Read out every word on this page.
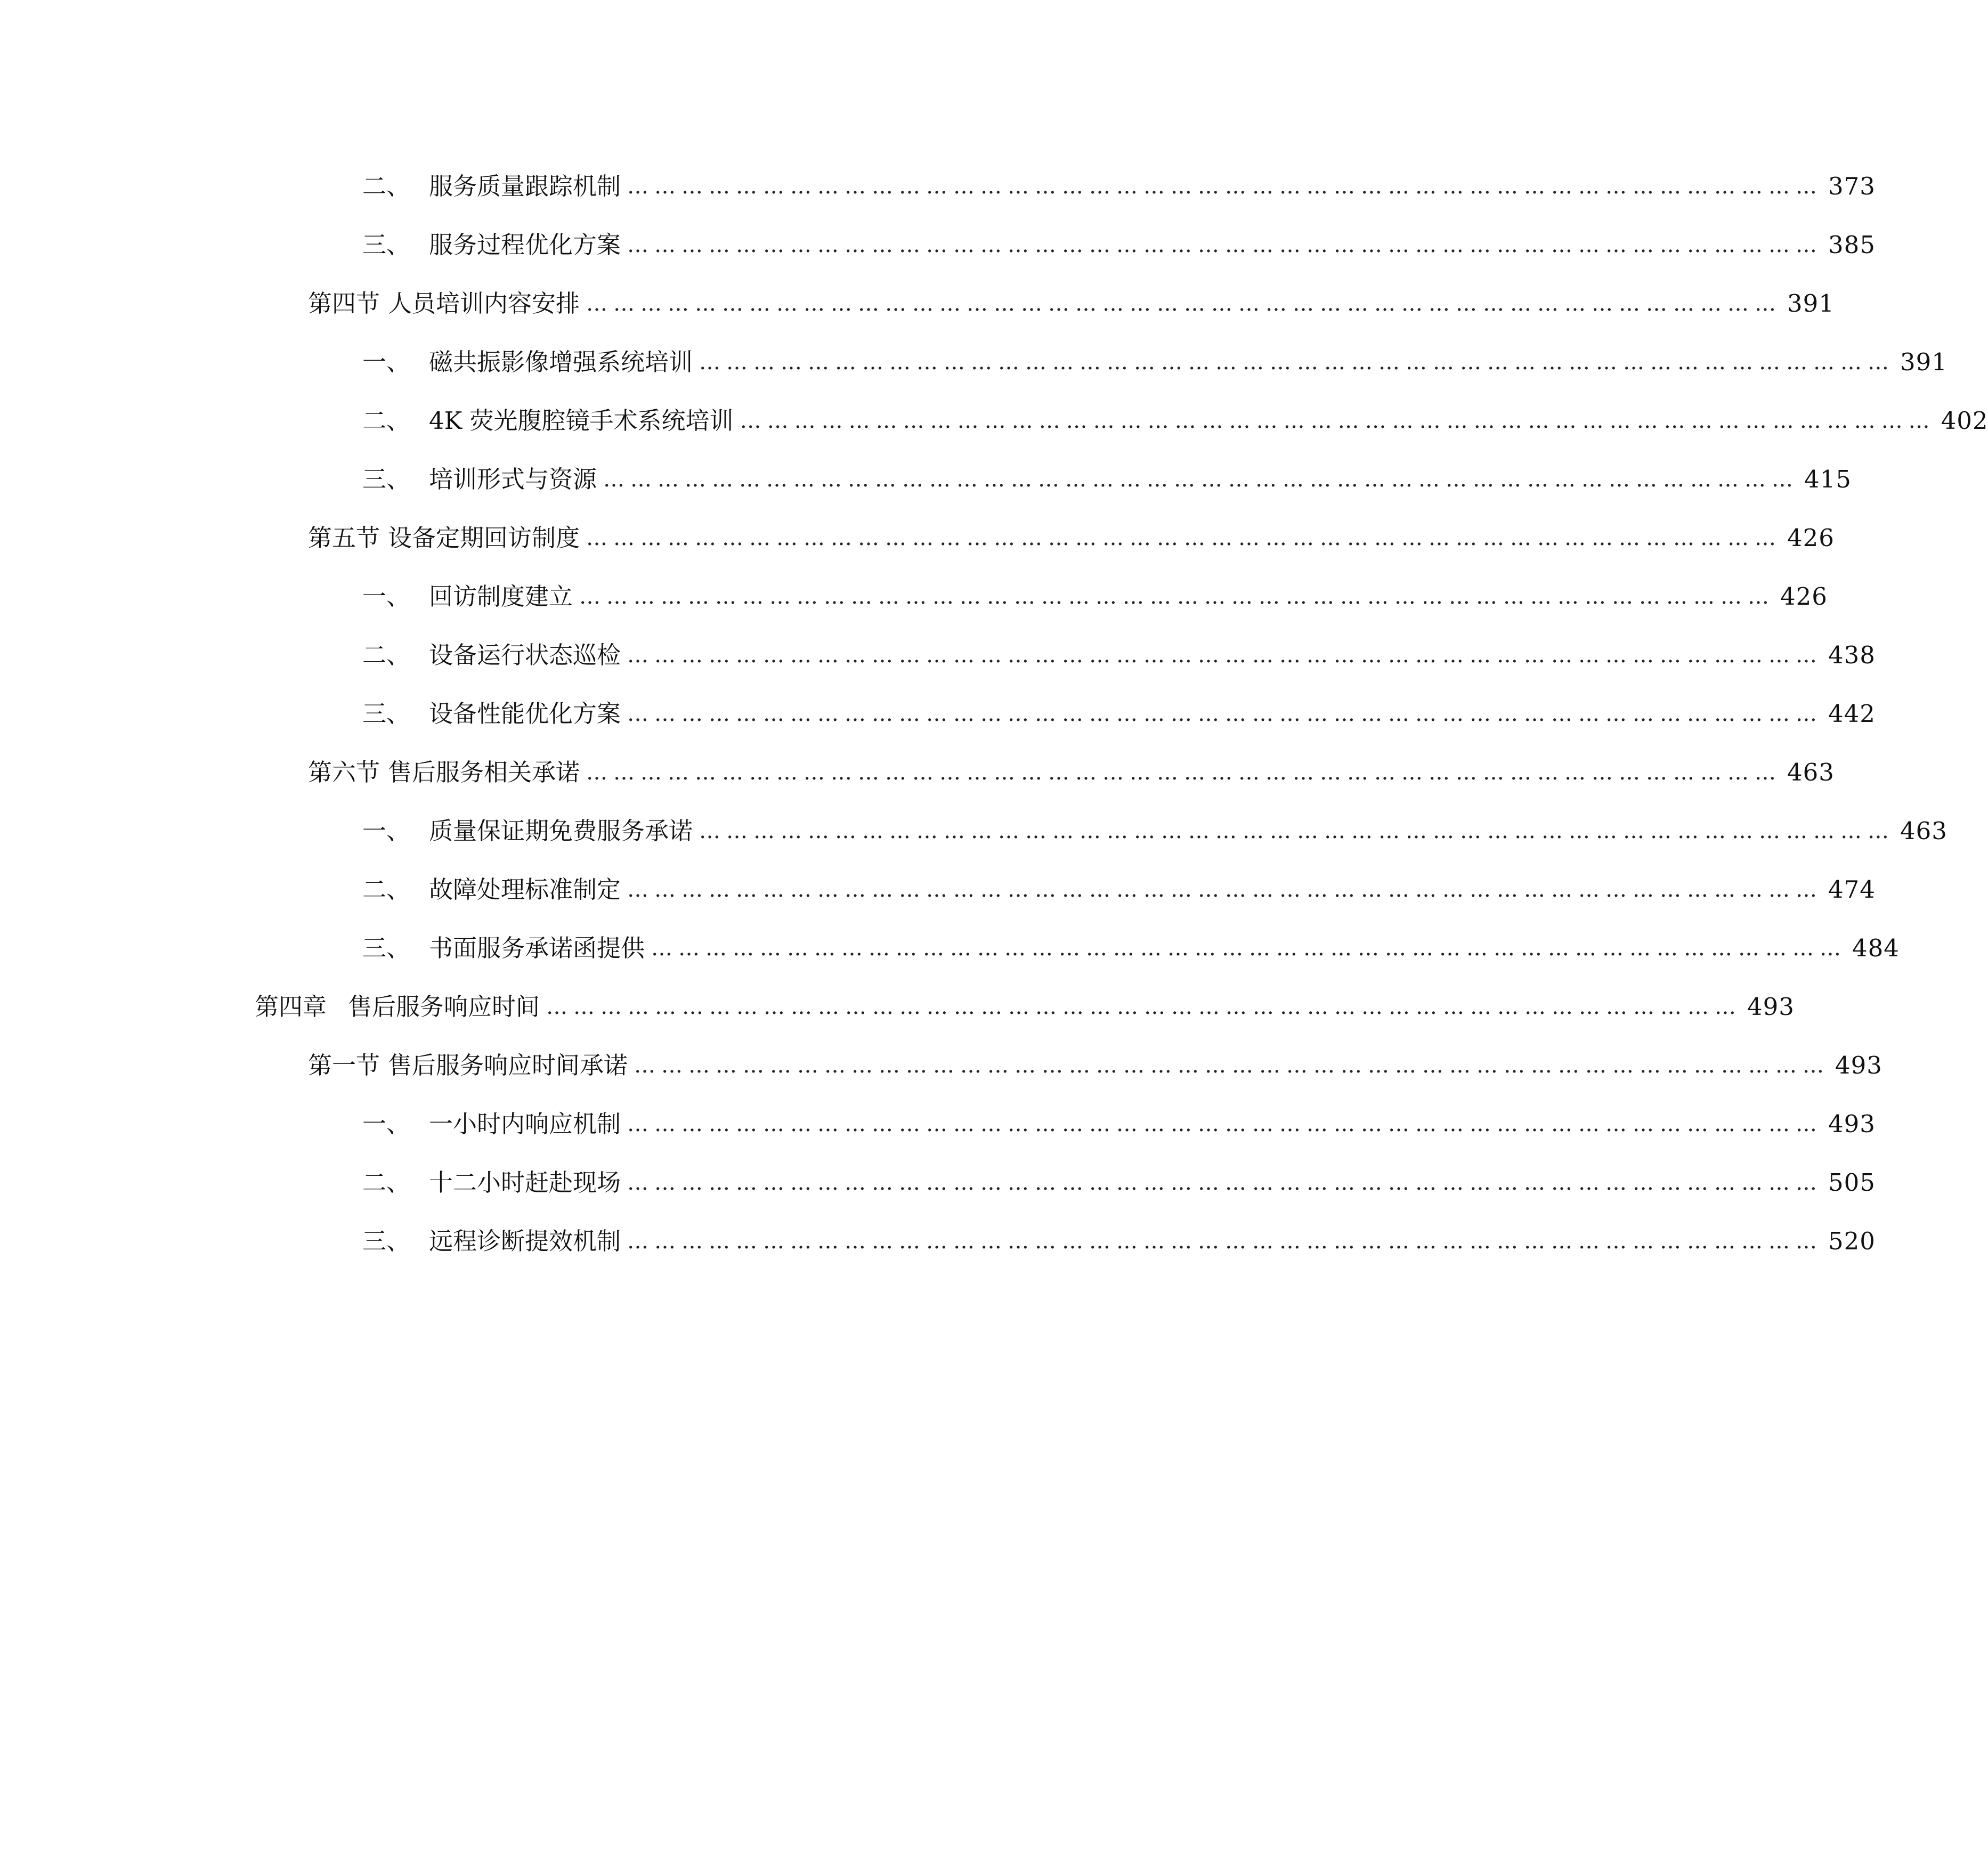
二、 服务质量跟踪机制 …………………………………………………………………………………………………………………… 373
三、 服务过程优化方案 …………………………………………………………………………………………………………………… 385
第四节 人员培训内容安排 …………………………………………………………………………………………………………………… 391
一、 磁共振影像增强系统培训 …………………………………………………………………………………………………………………… 391
二、 4K 荧光腹腔镜手术系统培训 …………………………………………………………………………………………………………………… 402
三、 培训形式与资源 …………………………………………………………………………………………………………………… 415
第五节 设备定期回访制度 …………………………………………………………………………………………………………………… 426
一、 回访制度建立 …………………………………………………………………………………………………………………… 426
二、 设备运行状态巡检 …………………………………………………………………………………………………………………… 438
三、 设备性能优化方案 …………………………………………………………………………………………………………………… 442
第六节 售后服务相关承诺 …………………………………………………………………………………………………………………… 463
一、 质量保证期免费服务承诺 …………………………………………………………………………………………………………………… 463
二、 故障处理标准制定 …………………………………………………………………………………………………………………… 474
三、 书面服务承诺函提供 …………………………………………………………………………………………………………………… 484
第四章 售后服务响应时间 …………………………………………………………………………………………………………………… 493
第一节 售后服务响应时间承诺 …………………………………………………………………………………………………………………… 493
一、 一小时内响应机制 …………………………………………………………………………………………………………………… 493
二、 十二小时赶赴现场 …………………………………………………………………………………………………………………… 505
三、 远程诊断提效机制 …………………………………………………………………………………………………………………… 520
